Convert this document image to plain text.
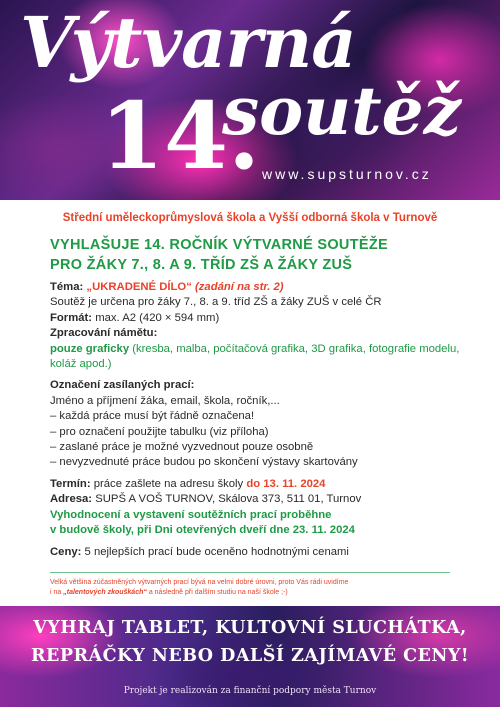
Výtvarná
14.
soutěž
www.supsturnov.cz
Střední uměleckoprůmyslová škola a Vyšší odborná škola v Turnově
VYHLAŠUJE 14. ROČNÍK VÝTVARNÉ SOUTĚŽE
PRO ŽÁKY 7., 8. A 9. TŘÍD ZŠ A ŽÁKY ZUŠ

Téma: „UKRADENÉ DÍLO“ (zadání na str. 2)

Soutěž je určena pro žáky 7., 8. a 9. tříd ZŠ a žáky ZUŠ v celé ČR

Formát: max. A2 (420 × 594 mm)

Zpracování námětu:

pouze graficky (kresba, malba, počítačová grafika, 3D grafika, fotografie modelu, koláž apod.)

Označení zasílaných prací:

Jméno a příjmení žáka, email, škola, ročník,...

– každá práce musí být řádně označena!

– pro označení použijte tabulku (viz příloha)

– zaslané práce je možné vyzvednout pouze osobně

– nevyzvednuté práce budou po skončení výstavy skartovány

Termín: práce zašlete na adresu školy do 13. 11. 2024

Adresa: SUPŠ A VOŠ TURNOV, Skálova 373, 511 01, Turnov

Vyhodnocení a vystavení soutěžních prací proběhne

v budově školy, při Dni otevřených dveří dne 23. 11. 2024

Ceny: 5 nejlepších prací bude oceněno hodnotnými cenami

Velká většina zúčastněných výtvarných prací bývá na velmi dobré úrovni, proto Vás rádi uvidíme

i na „talentových zkouškách“ a následně při dalším studiu na naší škole ;-)

VYHRAJ TABLET, KULTOVNÍ SLUCHÁTKA,
REPRÁČKY NEBO DALŠÍ ZAJÍMAVÉ CENY!
Projekt je realizován za finanční podpory města Turnov
